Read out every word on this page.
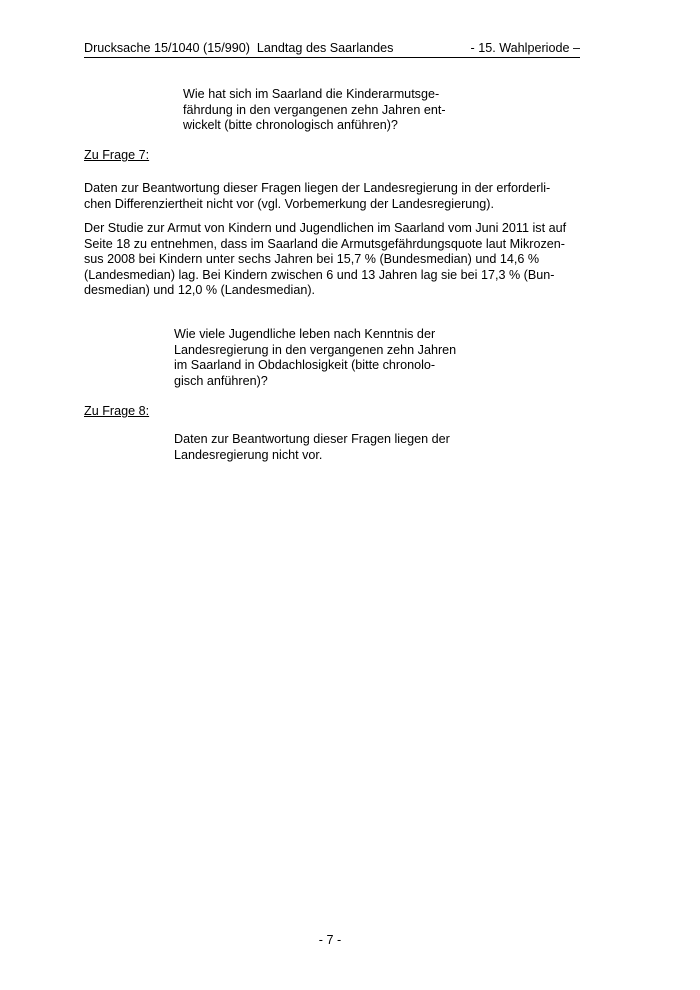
Drucksache 15/1040 (15/990)  Landtag des Saarlandes	- 15. Wahlperiode –
Wie hat sich im Saarland die Kinderarmutsge-
fährdung in den vergangenen zehn Jahren ent-
wickelt (bitte chronologisch anführen)?
Zu Frage 7:
Daten zur Beantwortung dieser Fragen liegen der Landesregierung in der erforderli-
chen Differenziertheit nicht vor (vgl. Vorbemerkung der Landesregierung).
Der Studie zur Armut von Kindern und Jugendlichen im Saarland vom Juni 2011 ist auf
Seite 18 zu entnehmen, dass im Saarland die Armutsgefährdungsquote laut Mikrozen-
sus 2008 bei Kindern unter sechs Jahren bei 15,7 % (Bundesmedian) und 14,6 %
(Landesmedian) lag. Bei Kindern zwischen 6 und 13 Jahren lag sie bei 17,3 % (Bun-
desmedian) und 12,0 % (Landesmedian).
Wie viele Jugendliche leben nach Kenntnis der
Landesregierung in den vergangenen zehn Jahren
im Saarland in Obdachlosigkeit (bitte chronolo-
gisch anführen)?
Zu Frage 8:
Daten zur Beantwortung dieser Fragen liegen der
Landesregierung nicht vor.
- 7 -
